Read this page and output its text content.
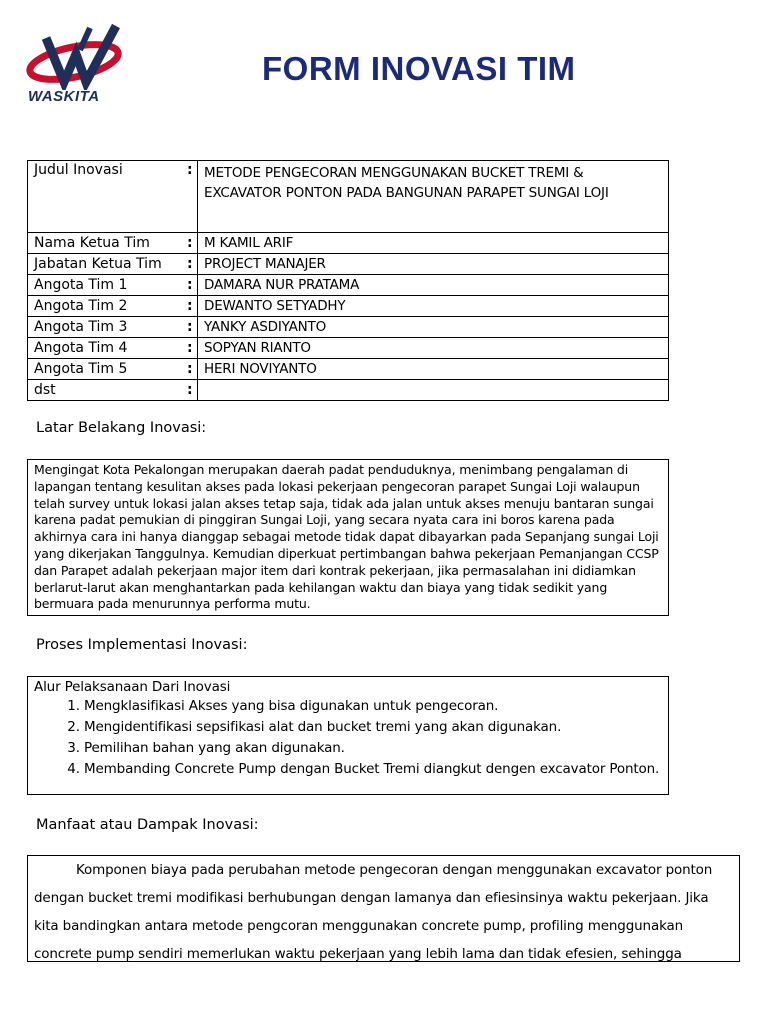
WASKITA
FORM INOVASI TIM
Judul Inovasi	:	METODE PENGECORAN MENGGUNAKAN BUCKET TREMI & EXCAVATOR PONTON PADA BANGUNAN PARAPET SUNGAI LOJI
Nama Ketua Tim	:	M KAMIL ARIF
Jabatan Ketua Tim	:	PROJECT MANAJER
Angota Tim 1	:	DAMARA NUR PRATAMA
Angota Tim 2	:	DEWANTO SETYADHY
Angota Tim 3	:	YANKY ASDIYANTO
Angota Tim 4	:	SOPYAN RIANTO
Angota Tim 5	:	HERI NOVIYANTO
dst	:	
Latar Belakang Inovasi:
Mengingat Kota Pekalongan merupakan daerah padat penduduknya, menimbang pengalaman di lapangan tentang kesulitan akses pada lokasi pekerjaan pengecoran parapet Sungai Loji walaupun telah survey untuk lokasi jalan akses tetap saja, tidak ada jalan untuk akses menuju bantaran sungai karena padat pemukian di pinggiran Sungai Loji, yang secara nyata cara ini boros karena pada akhirnya cara ini hanya dianggap sebagai metode tidak dapat dibayarkan pada Sepanjang sungai Loji yang dikerjakan Tanggulnya. Kemudian diperkuat pertimbangan bahwa pekerjaan Pemanjangan CCSP dan Parapet adalah pekerjaan major item dari kontrak pekerjaan, jika permasalahan ini didiamkan berlarut-larut akan menghantarkan pada kehilangan waktu dan biaya yang tidak sedikit yang bermuara pada menurunnya performa mutu.
Proses Implementasi Inovasi:
Alur Pelaksanaan Dari Inovasi
1. Mengklasifikasi Akses yang bisa digunakan untuk pengecoran.
2. Mengidentifikasi sepsifikasi alat dan bucket tremi yang akan digunakan.
3. Pemilihan bahan yang akan digunakan.
4. Membanding Concrete Pump dengan Bucket Tremi diangkut dengen excavator Ponton.
Manfaat atau Dampak Inovasi:
Komponen biaya pada perubahan metode pengecoran dengan menggunakan excavator ponton dengan bucket tremi modifikasi berhubungan dengan lamanya dan efiesinsinya waktu pekerjaan. Jika kita bandingkan antara metode pengcoran menggunakan concrete pump, profiling menggunakan concrete pump sendiri memerlukan waktu pekerjaan yang lebih lama dan tidak efesien, sehingga
